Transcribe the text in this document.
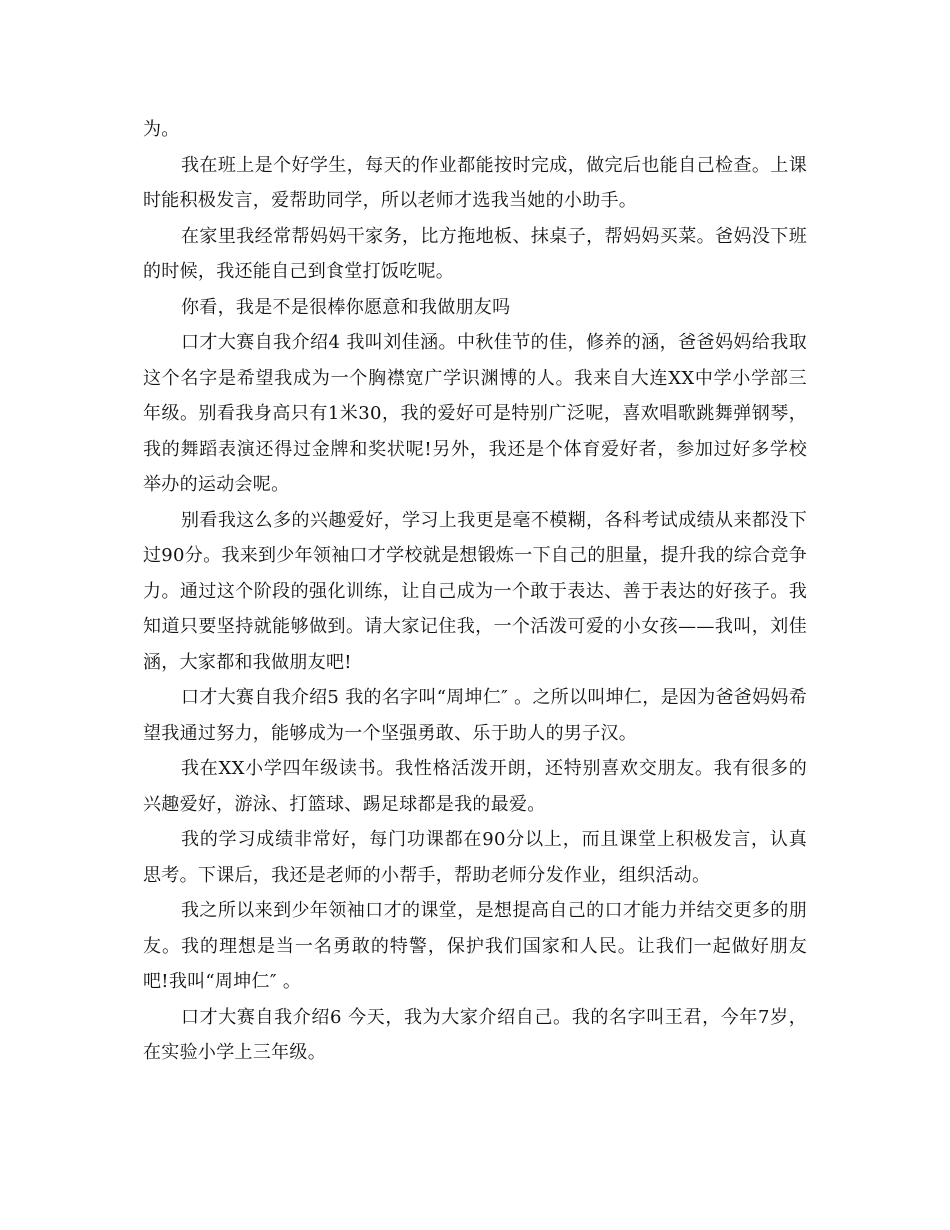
为。

我在班上是个好学生，每天的作业都能按时完成，做完后也能自己检查。上课时能积极发言，爱帮助同学，所以老师才选我当她的小助手。

在家里我经常帮妈妈干家务，比方拖地板、抹桌子，帮妈妈买菜。爸妈没下班的时候，我还能自己到食堂打饭吃呢。

你看，我是不是很棒你愿意和我做朋友吗

口才大赛自我介绍4 我叫刘佳涵。中秋佳节的佳，修养的涵，爸爸妈妈给我取这个名字是希望我成为一个胸襟宽广学识渊博的人。我来自大连XX中学小学部三年级。别看我身高只有1米30，我的爱好可是特别广泛呢，喜欢唱歌跳舞弹钢琴，我的舞蹈表演还得过金牌和奖状呢!另外，我还是个体育爱好者，参加过好多学校举办的运动会呢。

别看我这么多的兴趣爱好，学习上我更是毫不模糊，各科考试成绩从来都没下过90分。我来到少年领袖口才学校就是想锻炼一下自己的胆量，提升我的综合竞争力。通过这个阶段的强化训练，让自己成为一个敢于表达、善于表达的好孩子。我知道只要坚持就能够做到。请大家记住我，一个活泼可爱的小女孩——我叫，刘佳涵，大家都和我做朋友吧!

口才大赛自我介绍5 我的名字叫“周坤仁″ 。之所以叫坤仁，是因为爸爸妈妈希望我通过努力，能够成为一个坚强勇敢、乐于助人的男子汉。

我在XX小学四年级读书。我性格活泼开朗，还特别喜欢交朋友。我有很多的兴趣爱好，游泳、打篮球、踢足球都是我的最爱。

我的学习成绩非常好，每门功课都在90分以上，而且课堂上积极发言，认真思考。下课后，我还是老师的小帮手，帮助老师分发作业，组织活动。

我之所以来到少年领袖口才的课堂，是想提高自己的口才能力并结交更多的朋友。我的理想是当一名勇敢的特警，保护我们国家和人民。让我们一起做好朋友吧!我叫“周坤仁″ 。

口才大赛自我介绍6 今天，我为大家介绍自己。我的名字叫王君，今年7岁，在实验小学上三年级。
